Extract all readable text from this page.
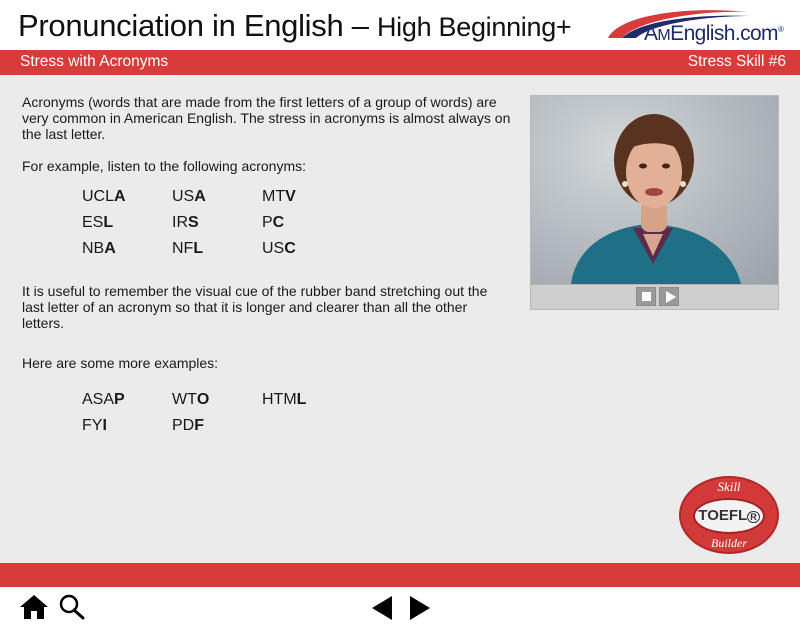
Pronunciation in English – High Beginning+	AMEnglish.com®
Stress with Acronyms	Stress Skill #6
Acronyms (words that are made from the first letters of a group of words) are very common in American English. The stress in acronyms is almost always on the last letter.
For example, listen to the following acronyms:
UCLA	USA	MTV
ESL	IRS	PC
NBA	NFL	USC
It is useful to remember the visual cue of the rubber band stretching out the last letter of an acronym so that it is longer and clearer than all the other letters.
Here are some more examples:
ASAP	WTO	HTML
FYI	PDF
Skill
TOEFL R
Builder
